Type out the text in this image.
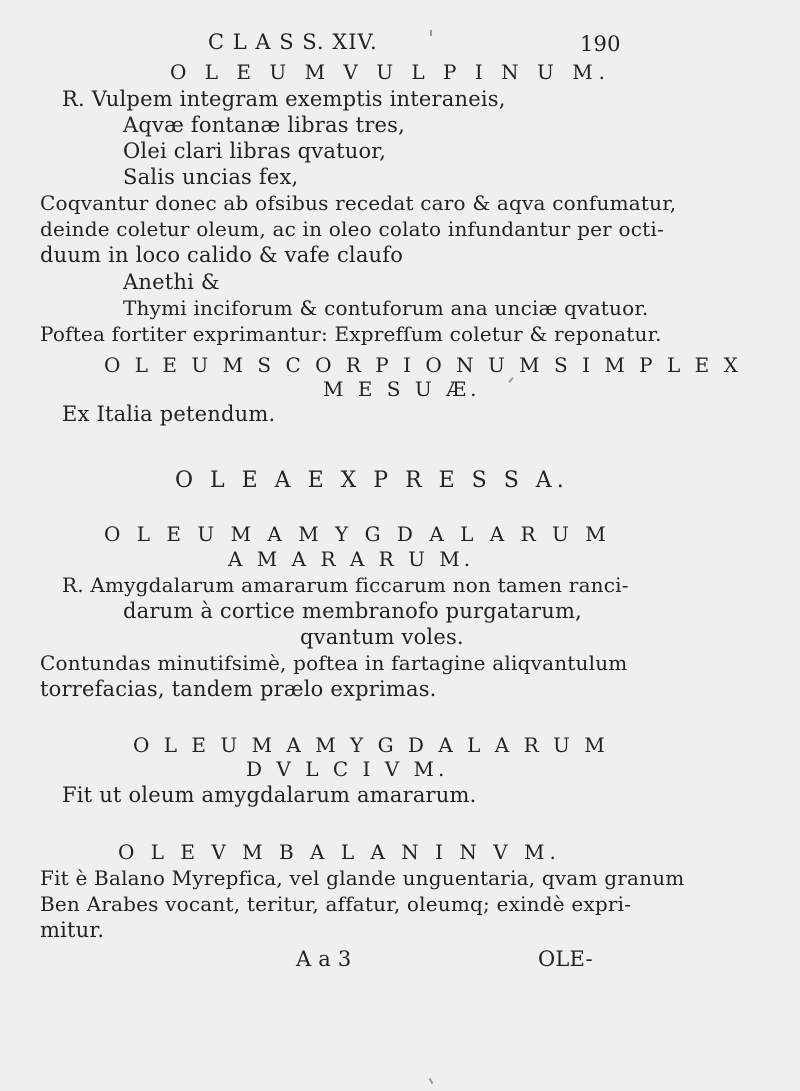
C L A S S. XIV.	190
O L E U M V U L P I N U M.
R. Vulpem integram exemptis interaneis,
Aqvæ fontanæ libras tres,
Olei clari libras qvatuor,
Salis uncias fex,
Coqvantur donec ab ofsibus recedat caro & aqva confumatur,
deinde coletur oleum, ac in oleo colato infundantur per octi-
duum in loco calido & vafe claufo
Anethi &
Thymi inciforum & contuforum ana unciæ qvatuor.
Poftea fortiter exprimantur: Exprefſum coletur & reponatur.
O L E U M S C O R P I O N U M S I M P L E X
M E S U Æ.
Ex Italia petendum.
O L E A E X P R E S S A.
O L E U M A M Y G D A L A R U M
A M A R A R U M.
R. Amygdalarum amararum ficcarum non tamen ranci-
darum à cortice membranofo purgatarum,
qvantum voles.
Contundas minutifsimè, poftea in fartagine aliqvantulum
torrefacias, tandem prælo exprimas.
O L E U M A M Y G D A L A R U M
D V L C I V M.
Fit ut oleum amygdalarum amararum.
O L E V M B A L A N I N V M.
Fit è Balano Myrepfica, vel glande unguentaria, qvam granum
Ben Arabes vocant, teritur, affatur, oleumq; exindè expri-
mitur.
A a 3	OLE-
